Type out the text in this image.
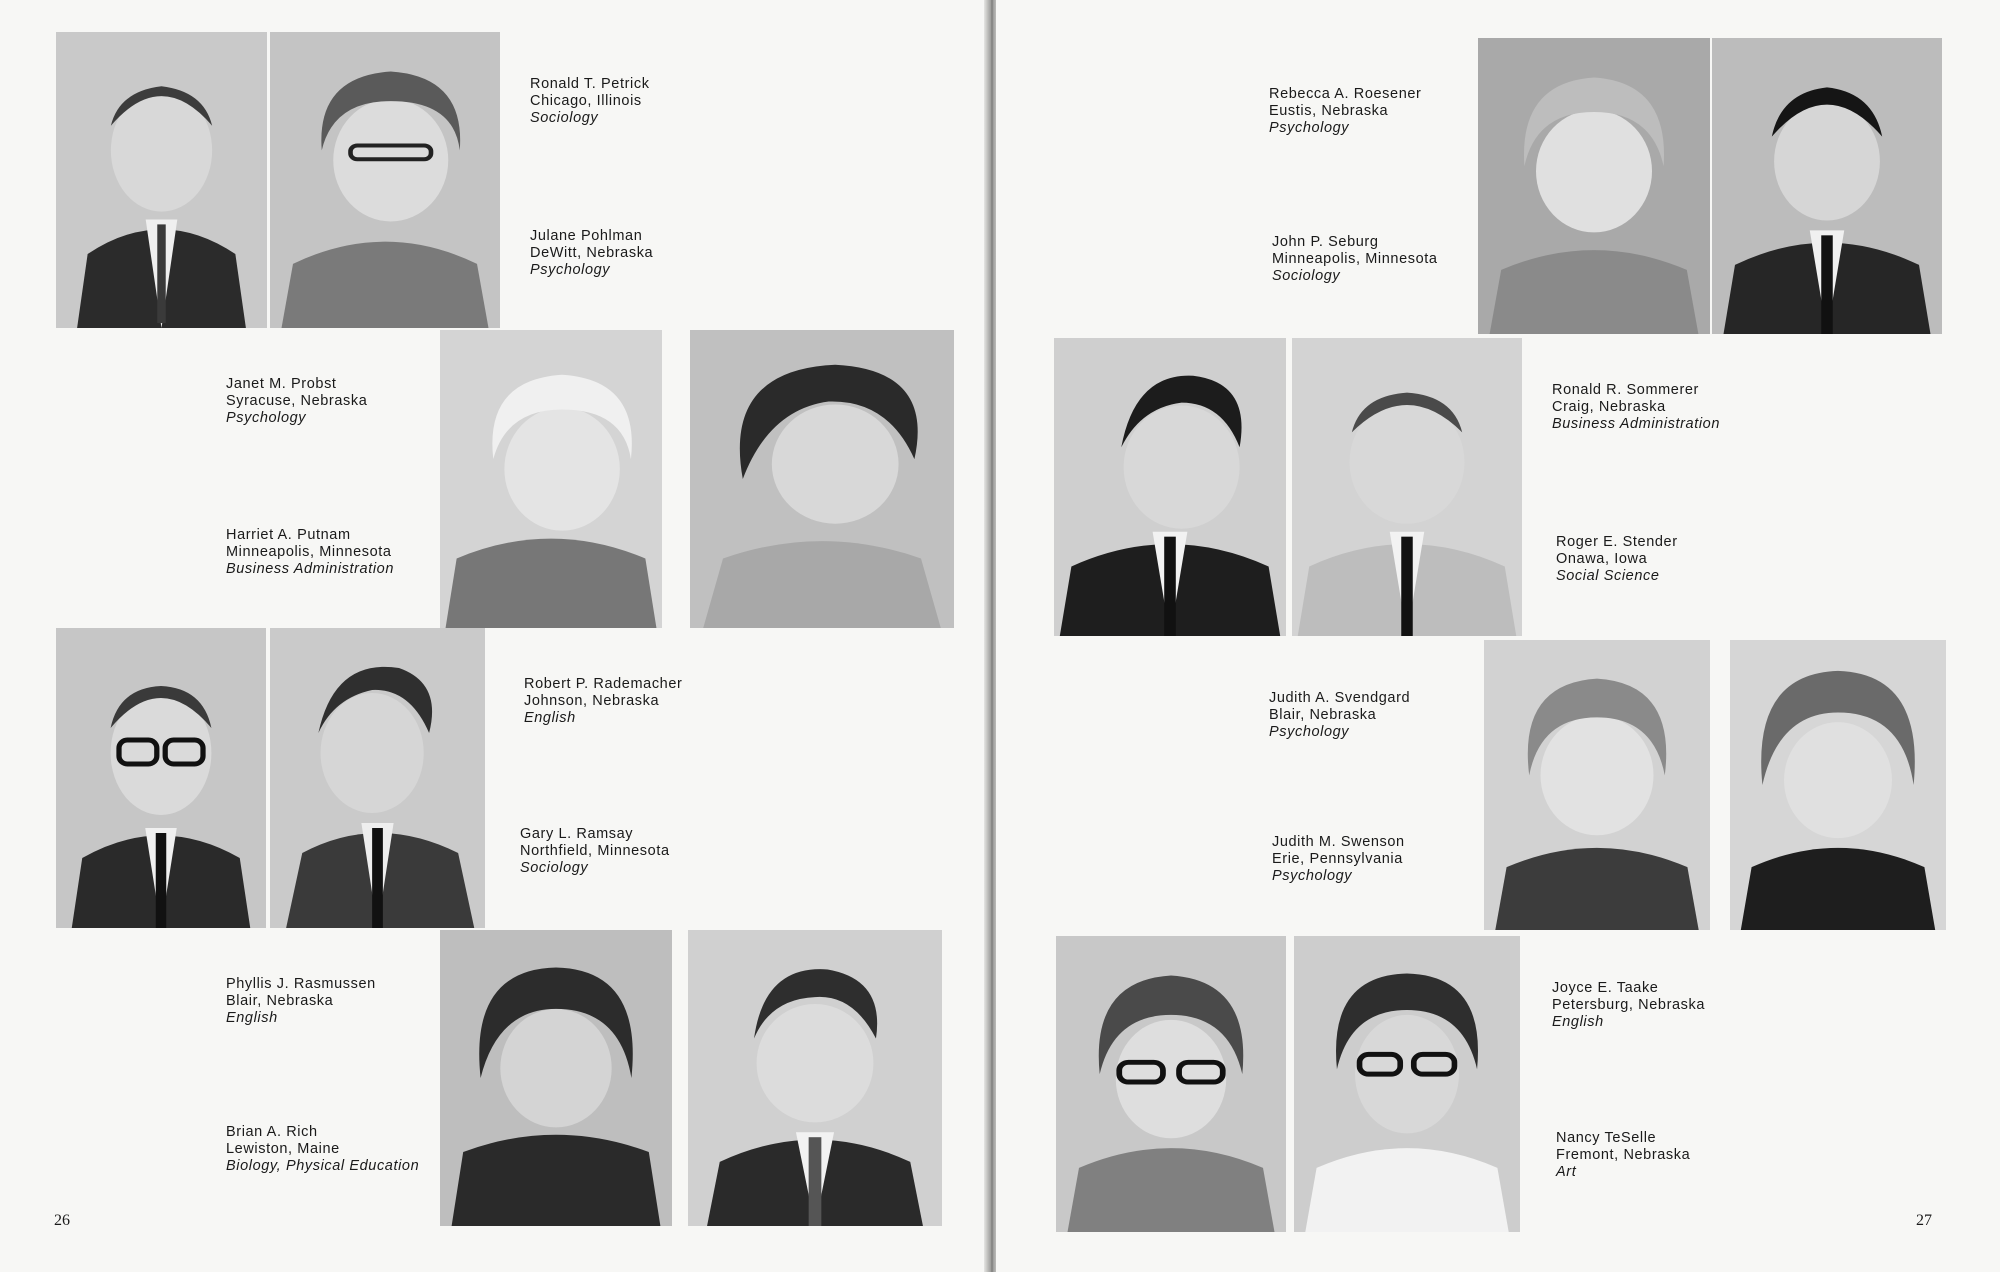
Ronald T. Petrick
Chicago, Illinois
Sociology
Julane Pohlman
DeWitt, Nebraska
Psychology
Janet M. Probst
Syracuse, Nebraska
Psychology
Harriet A. Putnam
Minneapolis, Minnesota
Business Administration
Robert P. Rademacher
Johnson, Nebraska
English
Gary L. Ramsay
Northfield, Minnesota
Sociology
Phyllis J. Rasmussen
Blair, Nebraska
English
Brian A. Rich
Lewiston, Maine
Biology, Physical Education
26
Rebecca A. Roesener
Eustis, Nebraska
Psychology
John P. Seburg
Minneapolis, Minnesota
Sociology
Ronald R. Sommerer
Craig, Nebraska
Business Administration
Roger E. Stender
Onawa, Iowa
Social Science
Judith A. Svendgard
Blair, Nebraska
Psychology
Judith M. Swenson
Erie, Pennsylvania
Psychology
Joyce E. Taake
Petersburg, Nebraska
English
Nancy TeSelle
Fremont, Nebraska
Art
27
